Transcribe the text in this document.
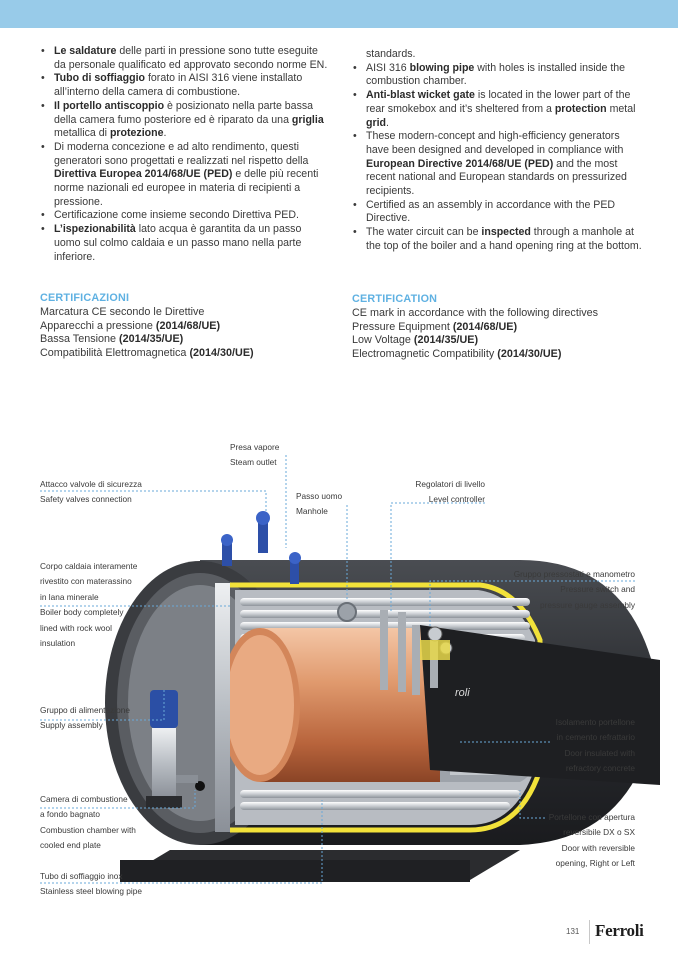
• Le saldature delle parti in pressione sono tutte eseguite da personale qualificato ed approvato secondo norme EN.
• Tubo di soffiaggio forato in AISI 316 viene installato all’interno della camera di combustione.
• Il portello antiscoppio è posizionato nella parte bassa della camera fumo posteriore ed è riparato da una griglia metallica di protezione.
• Di moderna concezione e ad alto rendimento, questi generatori sono progettati e realizzati nel rispetto della Direttiva Europea 2014/68/UE (PED) e delle più recenti norme nazionali ed europee in materia di recipienti a pressione.
• Certificazione come insieme secondo Direttiva PED.
• L’ispezionabilità lato acqua è garantita da un passo uomo sul colmo caldaia e un passo mano nella parte inferiore.
standards.
• AISI 316 blowing pipe with holes is installed inside the combustion chamber.
• Anti-blast wicket gate is located in the lower part of the rear smokebox and it’s sheltered from a protection metal grid.
• These modern-concept and high-efficiency generators have been designed and developed in compliance with European Directive 2014/68/UE (PED) and the most recent national and European standards on pressurized recipients.
• Certified as an assembly in accordance with the PED Directive.
• The water circuit can be inspected through a manhole at the top of the boiler and a hand opening ring at the bottom.
CERTIFICAZIONI
Marcatura CE secondo le Direttive
Apparecchi a pressione (2014/68/UE)
Bassa Tensione (2014/35/UE)
Compatibilità Elettromagnetica (2014/30/UE)
CERTIFICATION
CE mark in accordance with the following directives
Pressure Equipment (2014/68/UE)
Low Voltage (2014/35/UE)
Electromagnetic Compatibility (2014/30/UE)
roli
Presa vapore
Steam outlet
Attacco valvole di sicurezza
Safety valves connection	Passo uomo
Manhole
Regolatori di livello
Level controller
Corpo caldaia interamente
rivestito con materassino
in lana minerale
Boiler body completely
lined with rock wool
insulation
Gruppo pressostati e manometro
Pressure switch and
pressure gauge assembly
Gruppo di alimentazione
Supply assembly	Isolamento portellone
in cemento refrattario
Door insulated with
refractory concrete
Camera di combustione
a fondo bagnato
Combustion chamber with
cooled end plate
Portellone con apertura
reversibile DX o SX
Door with reversible
opening, Right or Left
Tubo di soffiaggio inox
Stainless steel blowing pipe
131 Ferroli
